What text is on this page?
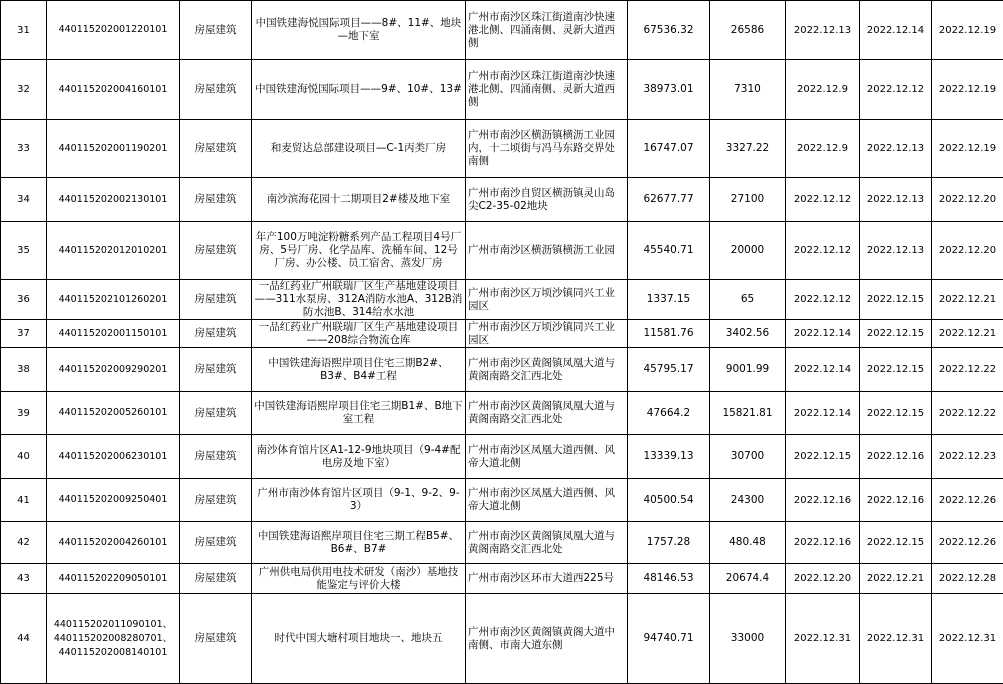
31	440115202001220101	房屋建筑	中国铁建海悦国际项目——8#、11#、地块—地下室	广州市南沙区珠江街道南沙快速港北侧、四涌南侧、灵新大道西侧	67536.32	26586	2022.12.13	2022.12.14	2022.12.19
32	440115202004160101	房屋建筑	中国铁建海悦国际项目——9#、10#、13#	广州市南沙区珠江街道南沙快速港北侧、四涌南侧、灵新大道西侧	38973.01	7310	2022.12.9	2022.12.12	2022.12.19
33	440115202001190201	房屋建筑	和麦贸达总部建设项目—C-1丙类厂房	广州市南沙区横沥镇横沥工业园内，十二顷街与冯马东路交界处南侧	16747.07	3327.22	2022.12.9	2022.12.13	2022.12.19
34	440115202002130101	房屋建筑	南沙滨海花园十二期项目2#楼及地下室	广州市南沙自贸区横沥镇灵山岛尖C2-35-02地块	62677.77	27100	2022.12.12	2022.12.13	2022.12.20
35	440115202012010201	房屋建筑	年产100万吨淀粉糖系列产品工程项目4号厂房、5号厂房、化学品库、洗桶车间、12号厂房、办公楼、员工宿舍、蒸发厂房	广州市南沙区横沥镇横沥工业园	45540.71	20000	2022.12.12	2022.12.13	2022.12.20
36	440115202101260201	房屋建筑	一品红药业广州联瑞厂区生产基地建设项目——311水泵房、312A消防水池A、312B消防水池B、314给水水池	广州市南沙区万顷沙镇同兴工业园区	1337.15	65	2022.12.12	2022.12.15	2022.12.21
37	440115202001150101	房屋建筑	一品红药业广州联瑞厂区生产基地建设项目——208综合物流仓库	广州市南沙区万顷沙镇同兴工业园区	11581.76	3402.56	2022.12.14	2022.12.15	2022.12.21
38	440115202009290201	房屋建筑	中国铁建海语熙岸项目住宅三期B2#、B3#、B4#工程	广州市南沙区黄阁镇凤凰大道与黄阁南路交汇西北处	45795.17	9001.99	2022.12.14	2022.12.15	2022.12.22
39	440115202005260101	房屋建筑	中国铁建海语熙岸项目住宅三期B1#、B地下室工程	广州市南沙区黄阁镇凤凰大道与黄阁南路交汇西北处	47664.2	15821.81	2022.12.14	2022.12.15	2022.12.22
40	440115202006230101	房屋建筑	南沙体育馆片区A1-12-9地块项目（9-4#配电房及地下室）	广州市南沙区凤凰大道西侧、风帝大道北侧	13339.13	30700	2022.12.15	2022.12.16	2022.12.23
41	440115202009250401	房屋建筑	广州市南沙体育馆片区项目（9-1、9-2、9-3）	广州市南沙区凤凰大道西侧、风帝大道北侧	40500.54	24300	2022.12.16	2022.12.16	2022.12.26
42	440115202004260101	房屋建筑	中国铁建海语熙岸项目住宅三期工程B5#、B6#、B7#	广州市南沙区黄阁镇凤凰大道与黄阁南路交汇西北处	1757.28	480.48	2022.12.16	2022.12.15	2022.12.26
43	440115202209050101	房屋建筑	广州供电局供用电技术研发（南沙）基地技能鉴定与评价大楼	广州市南沙区环市大道西225号	48146.53	20674.4	2022.12.20	2022.12.21	2022.12.28
44	440115202011090101、
440115202008280701、
440115202008140101	房屋建筑	时代中国大塘村项目地块一、地块五	广州市南沙区黄阁镇黄阁大道中南侧、市南大道东侧	94740.71	33000	2022.12.31	2022.12.31	2022.12.31
